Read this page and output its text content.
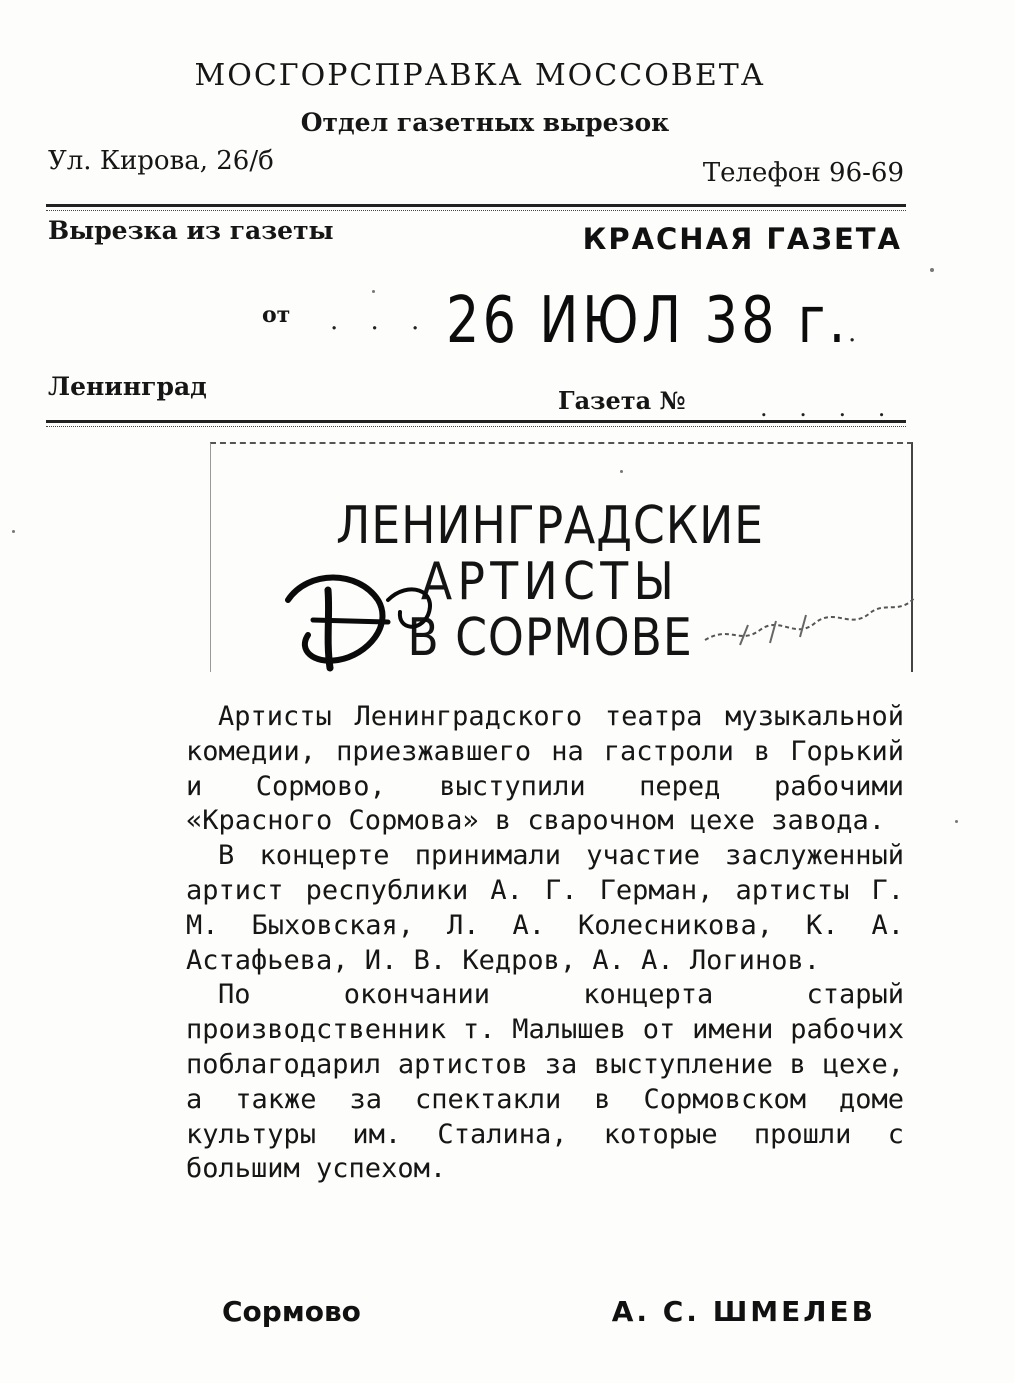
МОСГОРСПРАВКА МОССОВЕТА
Отдел газетных вырезок
Ул. Кирова, 26/б	Телефон 96-69
Вырезка из газеты	КРАСНАЯ ГАЗЕТА
от . . . 26 ИЮЛ 38 г. .
Ленинград	Газета №	. . . .
ЛЕНИНГРАДСКИЕ
АРТИСТЫ
В СОРМОВЕ

Артисты Ленинградского театра музыкальной комедии, приезжавшего на гастроли в Горький и Сормово, выступили перед рабочими «Красного Сормова» в сварочном цехе завода.

В концерте принимали участие заслуженный артист республики А. Г. Герман, артисты Г. М. Быховская, Л. А. Колесникова, К. А. Астафьева, И. В. Кедров, А. А. Логинов.

По окончании концерта старый производственник т. Малышев от имени рабочих поблагодарил артистов за выступление в цехе, а также за спектакли в Сормовском доме культуры им. Сталина, которые прошли с большим успехом.

Сормово	А. С. ШМЕЛЕВ
